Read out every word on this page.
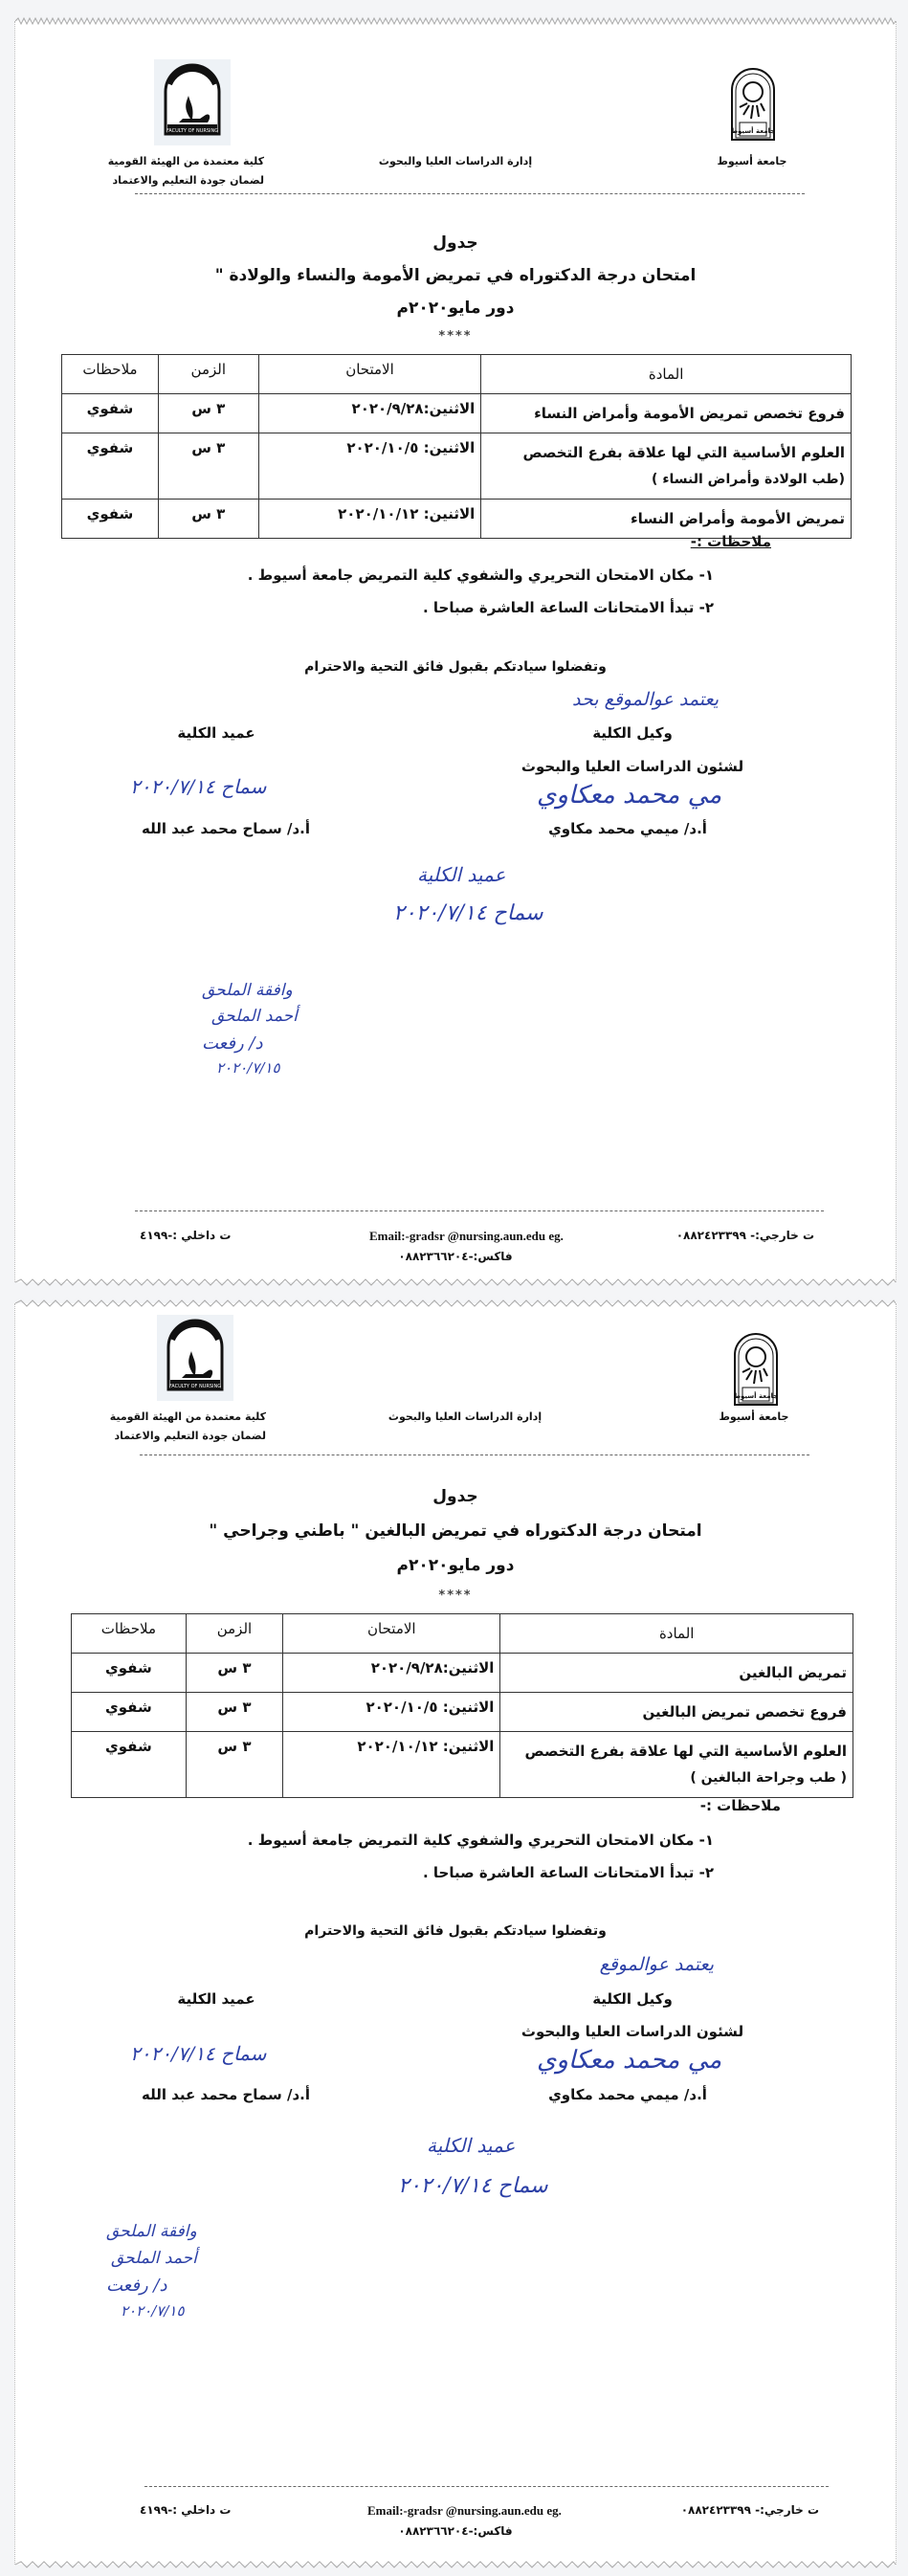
FACULTY OF NURSING
كلية معتمدة من الهيئة القومية
لضمان جودة التعليم والاعتماد
إدارة الدراسات العليا والبحوث
جامعة أسيوط
جامعة أسيوط
جدول
امتحان درجة الدكتوراه في تمريض الأمومة والنساء والولادة "
دور مايو٢٠٢٠م
****
المادة	الامتحان	الزمن	ملاحظات
فروع تخصص تمريض الأمومة وأمراض النساء	الاثنين:٢٠٢٠/٩/٢٨	٣ س	شفوي

العلوم الأساسية التي لها علاقة بفرع التخصص
(طب الولادة وأمراض النساء )	الاثنين: ٢٠٢٠/١٠/٥	٣ س	شفوي
تمريض الأمومة وأمراض النساء	الاثنين: ٢٠٢٠/١٠/١٢	٣ س	شفوي
ملاحظات :-
١- مكان الامتحان التحريري والشفوي كلية التمريض جامعة أسيوط .
٢- تبدأ الامتحانات الساعة العاشرة صباحا .
وتفضلوا سيادتكم بقبول فائق التحية والاحترام
يعتمد عوالموقع بحد
وكيل الكلية
لشئون الدراسات العليا والبحوث
مي محمد معكاوي
أ.د/ ميمي محمد مكاوي
عميد الكلية
سماح ٢٠٢٠/٧/١٤
أ.د/ سماح محمد عبد الله
عميد الكلية
سماح ٢٠٢٠/٧/١٤
وافقة الملحق
أحمد الملحق
د/ رفعت
٢٠٢٠/٧/١٥
ت خارجي:- ٠٨٨٢٤٢٣٣٩٩
Email:-gradsr @nursing.aun.edu eg.
ت داخلي :-٤١٩٩
فاكس:-٠٨٨٢٣٦٦٢٠٤
FACULTY OF NURSING
كلية معتمدة من الهيئة القومية
لضمان جودة التعليم والاعتماد
إدارة الدراسات العليا والبحوث
جامعة أسيوط
جامعة أسيوط
جدول
امتحان درجة الدكتوراه في تمريض البالغين " باطني وجراحي "
دور مايو٢٠٢٠م
****
المادة	الامتحان	الزمن	ملاحظات
تمريض البالغين	الاثنين:٢٠٢٠/٩/٢٨	٣ س	شفوي
فروع تخصص تمريض البالغين	الاثنين: ٢٠٢٠/١٠/٥	٣ س	شفوي

العلوم الأساسية التي لها علاقة بفرع التخصص
( طب وجراحة البالغين )	الاثنين: ٢٠٢٠/١٠/١٢	٣ س	شفوي
ملاحظات :-
١- مكان الامتحان التحريري والشفوي كلية التمريض جامعة أسيوط .
٢- تبدأ الامتحانات الساعة العاشرة صباحا .
وتفضلوا سيادتكم بقبول فائق التحية والاحترام
يعتمد عوالموقع
وكيل الكلية
لشئون الدراسات العليا والبحوث
مي محمد معكاوي
أ.د/ ميمي محمد مكاوي
عميد الكلية
سماح ٢٠٢٠/٧/١٤
أ.د/ سماح محمد عبد الله
عميد الكلية
سماح ٢٠٢٠/٧/١٤
وافقة الملحق
أحمد الملحق
د/ رفعت
٢٠٢٠/٧/١٥
ت خارجي:- ٠٨٨٢٤٢٣٣٩٩
Email:-gradsr @nursing.aun.edu eg.
ت داخلي :-٤١٩٩
فاكس:-٠٨٨٢٣٦٦٢٠٤
